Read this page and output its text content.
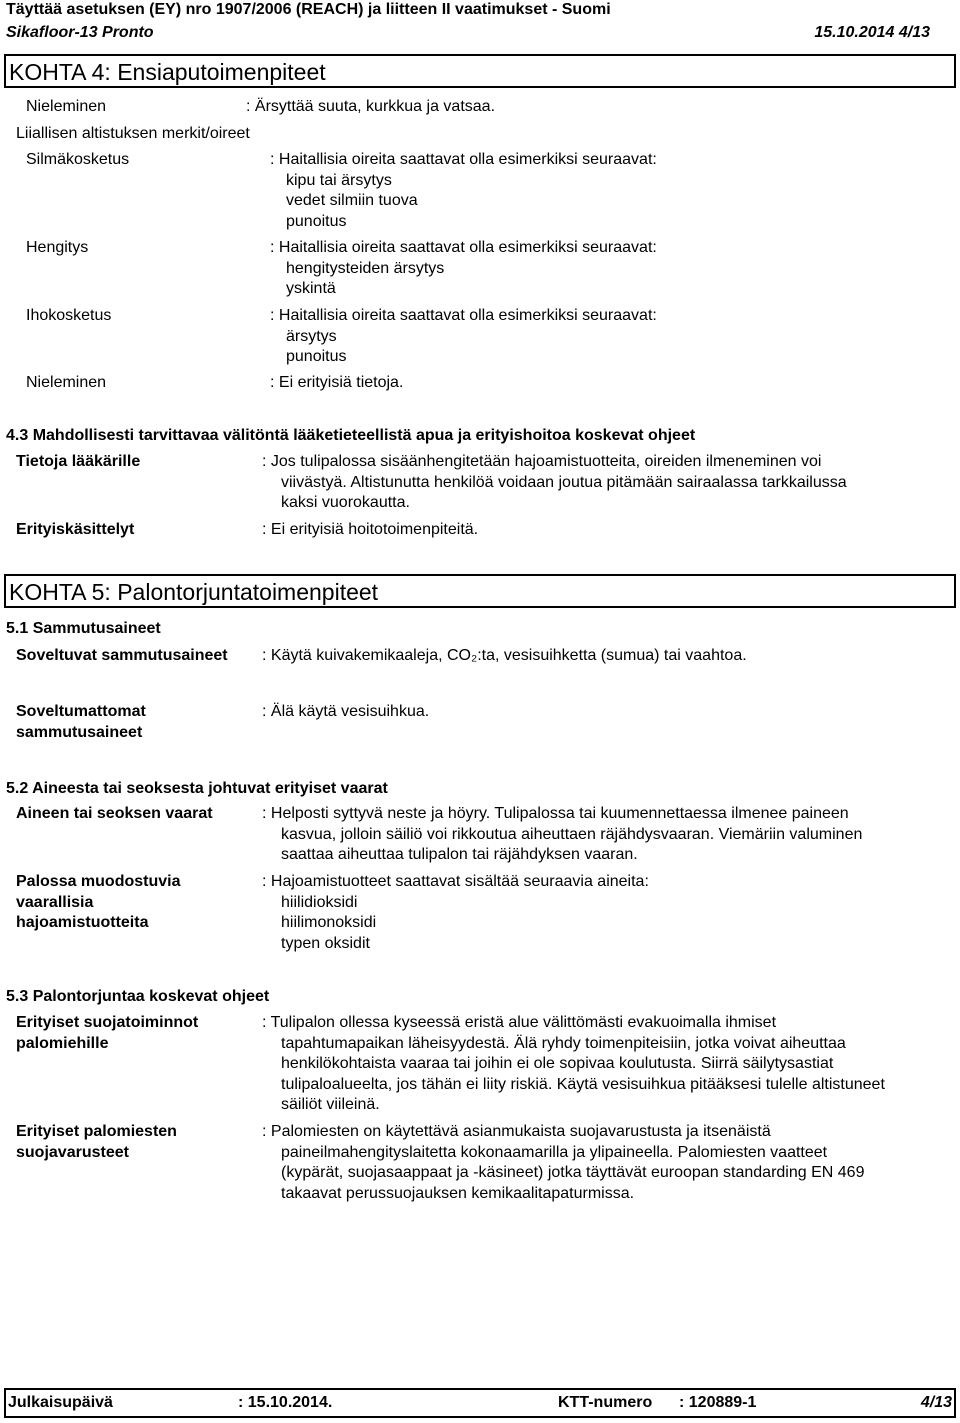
Täyttää asetuksen (EY) nro 1907/2006 (REACH) ja liitteen II vaatimukset - Suomi
Sikafloor-13 Pronto	15.10.2014 4/13
KOHTA 4: Ensiaputoimenpiteet
Nieleminen	: Ärsyttää suuta, kurkkua ja vatsaa.
Liiallisen altistuksen merkit/oireet
Silmäkosketus	: Haitallisia oireita saattavat olla esimerkiksi seuraavat:
kipu tai ärsytys
vedet silmiin tuova
punoitus
Hengitys	: Haitallisia oireita saattavat olla esimerkiksi seuraavat:
hengitysteiden ärsytys
yskintä
Ihokosketus	: Haitallisia oireita saattavat olla esimerkiksi seuraavat:
ärsytys
punoitus
Nieleminen	: Ei erityisiä tietoja.
4.3 Mahdollisesti tarvittavaa välitöntä lääketieteellistä apua ja erityishoitoa koskevat ohjeet
Tietoja lääkärille	: Jos tulipalossa sisäänhengitetään hajoamistuotteita, oireiden ilmeneminen voi
viivästyä. Altistunutta henkilöä voidaan joutua pitämään sairaalassa tarkkailussa
kaksi vuorokautta.
Erityiskäsittelyt	: Ei erityisiä hoitotoimenpiteitä.
KOHTA 5: Palontorjuntatoimenpiteet
5.1 Sammutusaineet
Soveltuvat sammutusaineet : Käytä kuivakemikaaleja, CO₂:ta, vesisuihketta (sumua) tai vaahtoa.
Soveltumattomat
sammutusaineet
: Älä käytä vesisuihkua.
5.2 Aineesta tai seoksesta johtuvat erityiset vaarat
Aineen tai seoksen vaarat	: Helposti syttyvä neste ja höyry. Tulipalossa tai kuumennettaessa ilmenee paineen
kasvua, jolloin säiliö voi rikkoutua aiheuttaen räjähdysvaaran. Viemäriin valuminen
saattaa aiheuttaa tulipalon tai räjähdyksen vaaran.
Palossa muodostuvia
vaarallisia
hajoamistuotteita
: Hajoamistuotteet saattavat sisältää seuraavia aineita:
hiilidioksidi
hiilimonoksidi
typen oksidit
5.3 Palontorjuntaa koskevat ohjeet
Erityiset suojatoiminnot
palomiehille
: Tulipalon ollessa kyseessä eristä alue välittömästi evakuoimalla ihmiset
tapahtumapaikan läheisyydestä. Älä ryhdy toimenpiteisiin, jotka voivat aiheuttaa
henkilökohtaista vaaraa tai joihin ei ole sopivaa koulutusta. Siirrä säilytysastiat
tulipaloalueelta, jos tähän ei liity riskiä. Käytä vesisuihkua pitääksesi tulelle altistuneet
säiliöt viileinä.
Erityiset palomiesten
suojavarusteet
: Palomiesten on käytettävä asianmukaista suojavarustusta ja itsenäistä
paineilmahengityslaitetta kokonaamarilla ja ylipaineella. Palomiesten vaatteet
(kypärät, suojasaappaat ja -käsineet) jotka täyttävät euroopan standarding EN 469
takaavat perussuojauksen kemikaalitapaturmissa.
Julkaisupäivä	: 15.10.2014.	KTT-numero : 120889-1	4/13
